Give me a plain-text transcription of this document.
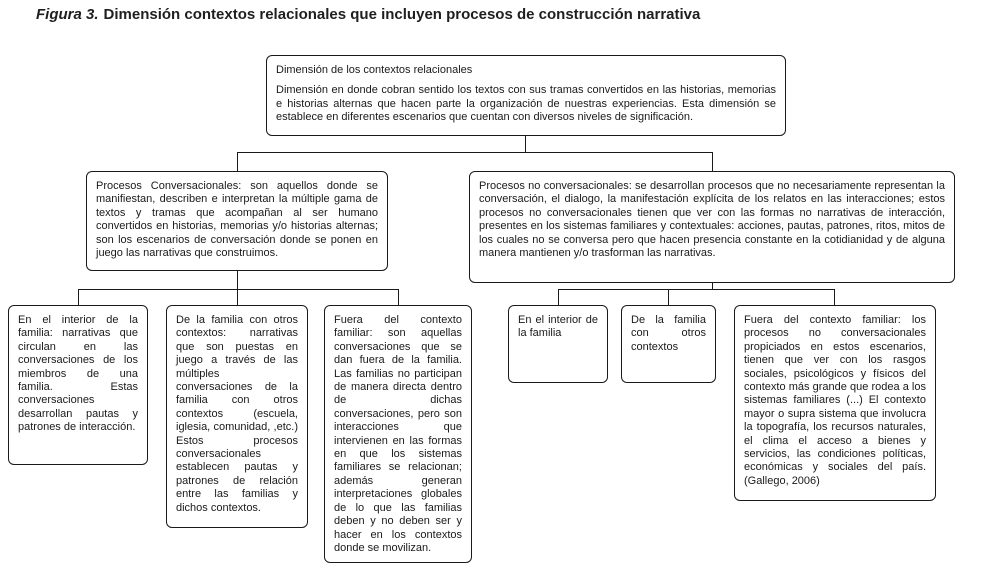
Figura 3. Dimensión contextos relacionales que incluyen procesos de construcción narrativa
Dimensión de los contextos relacionales
Dimensión en donde cobran sentido los textos con sus tramas convertidos en las historias, memorias e historias alternas que hacen parte la organización de nuestras experiencias. Esta dimensión se establece en diferentes escenarios que cuentan con diversos niveles de significación.
Procesos Conversacionales: son aquellos donde se manifiestan, describen e interpretan la múltiple gama de textos y tramas que acompañan al ser humano convertidos en historias, memorias y/o historias alternas; son los escenarios de conversación donde se ponen en juego las narrativas que construimos.
Procesos no conversacionales: se desarrollan procesos que no necesariamente representan la conversación, el dialogo, la manifestación explícita de los relatos en las interacciones; estos procesos no conversacionales tienen que ver con las formas no narrativas de interacción, presentes en los sistemas familiares y contextuales: acciones, pautas, patrones, ritos, mitos de los cuales no se conversa pero que hacen presencia constante en la cotidianidad y de alguna manera mantienen y/o trasforman las narrativas.
En el interior de la familia: narrativas que circulan en las conversaciones de los miembros de una familia. Estas conversaciones desarrollan pautas y patrones de interacción.
De la familia con otros contextos: narrativas que son puestas en juego a través de las múltiples conversaciones de la familia con otros contextos (escuela, iglesia, comunidad, ,etc.) Estos procesos conversacionales establecen pautas y patrones de relación entre las familias y dichos contextos.
Fuera del contexto familiar: son aquellas conversaciones que se dan fuera de la familia. Las familias no participan de manera directa dentro de dichas conversaciones, pero son interacciones que intervienen en las formas en que los sistemas familiares se relacionan; además generan interpretaciones globales de lo que las familias deben y no deben ser y hacer en los contextos donde se movilizan.
En el interior de la familia
De la familia con otros contextos
Fuera del contexto familiar: los procesos no conversacionales propiciados en estos escenarios, tienen que ver con los rasgos sociales, psicológicos y físicos del contexto más grande que rodea a los sistemas familiares (...) El contexto mayor o supra sistema que involucra la topografía, los recursos naturales, el clima el acceso a bienes y servicios, las condiciones políticas, económicas y sociales del país. (Gallego, 2006)
